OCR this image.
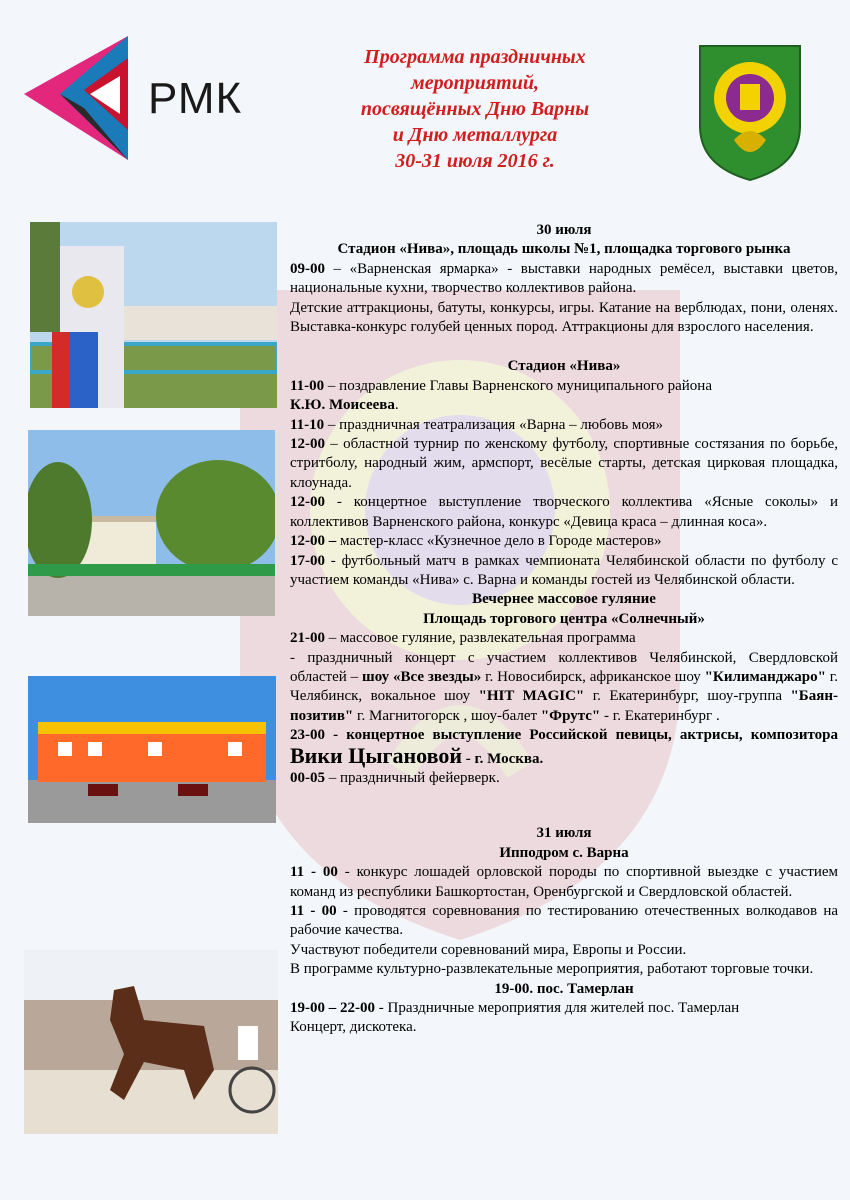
РМК
Программа праздничных
мероприятий,
посвящённых Дню Варны
и Дню металлурга
30-31 июля 2016 г.

30 июля

Стадион «Нива», площадь школы №1, площадка торгового рынка

09-00 – «Варненская ярмарка» - выставки народных ремёсел, выставки цветов, национальные кухни, творчество коллективов района.

Детские аттракционы, батуты, конкурсы, игры. Катание на верблюдах, пони, оленях. Выставка-конкурс голубей ценных пород. Аттракционы для взрослого населения.

Стадион «Нива»

11-00 – поздравление Главы Варненского муниципального района

К.Ю. Моисеева.

11-10 – праздничная театрализация «Варна – любовь моя»

12-00 – областной турнир по женскому футболу, спортивные состязания по борьбе, стритболу, народный жим, армспорт, весёлые старты, детская цирковая площадка, клоунада.

12-00 - концертное выступление творческого коллектива «Ясные соколы» и коллективов Варненского района, конкурс «Девица краса – длинная коса».

12-00 – мастер-класс «Кузнечное дело в Городе мастеров»

17-00 - футбольный матч в рамках чемпионата Челябинской области по футболу с участием команды «Нива» с. Варна и команды гостей из Челябинской области.

Вечернее массовое гуляние

Площадь торгового центра «Солнечный»

21-00 – массовое гуляние, развлекательная программа

- праздничный концерт с участием коллективов Челябинской, Свердловской областей – шоу «Все звезды» г. Новосибирск, африканское шоу "Килиманджаро" г. Челябинск, вокальное шоу "HIT MAGIC" г. Екатеринбург, шоу-группа "Баян-позитив" г. Магнитогорск , шоу-балет "Фрутс" - г. Екатеринбург .

23-00 - концертное выступление Российской певицы, актрисы, композитора Вики Цыгановой - г. Москва.

00-05 – праздничный фейерверк.

31 июля

Ипподром с. Варна

11 - 00 - конкурс лошадей орловской породы по спортивной выездке с участием команд из республики Башкортостан, Оренбургской и Свердловской областей.

11 - 00 - проводятся соревнования по тестированию отечественных волкодавов на рабочие качества.

Участвуют победители соревнований мира, Европы и России.

В программе культурно-развлекательные мероприятия, работают торговые точки.

19-00. пос. Тамерлан

19-00 – 22-00 - Праздничные мероприятия для жителей пос. Тамерлан

Концерт, дискотека.
